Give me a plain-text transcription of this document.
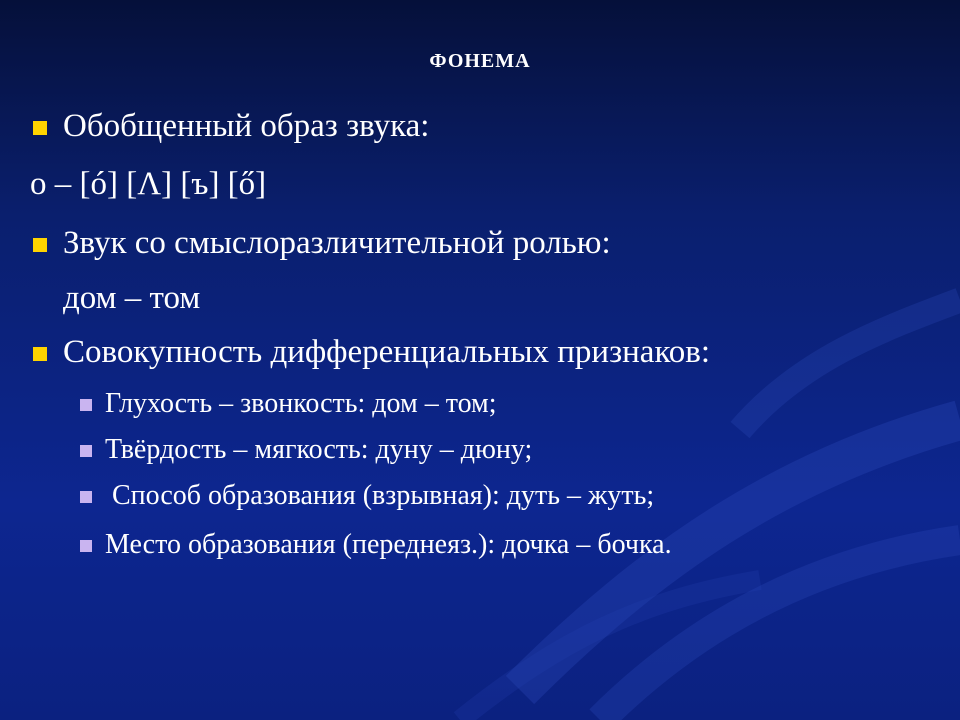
ФОНЕМА
Обобщенный образ звука:
о – [ó] [Λ] [ъ] [ő]
Звук со смыслоразличительной ролью:
дом – том
Совокупность дифференциальных признаков:
Глухость – звонкость: дом – том;
Твёрдость – мягкость: дуну – дюну;
Способ образования (взрывная): дуть – жуть;
Место образования (переднеяз.): дочка – бочка.
